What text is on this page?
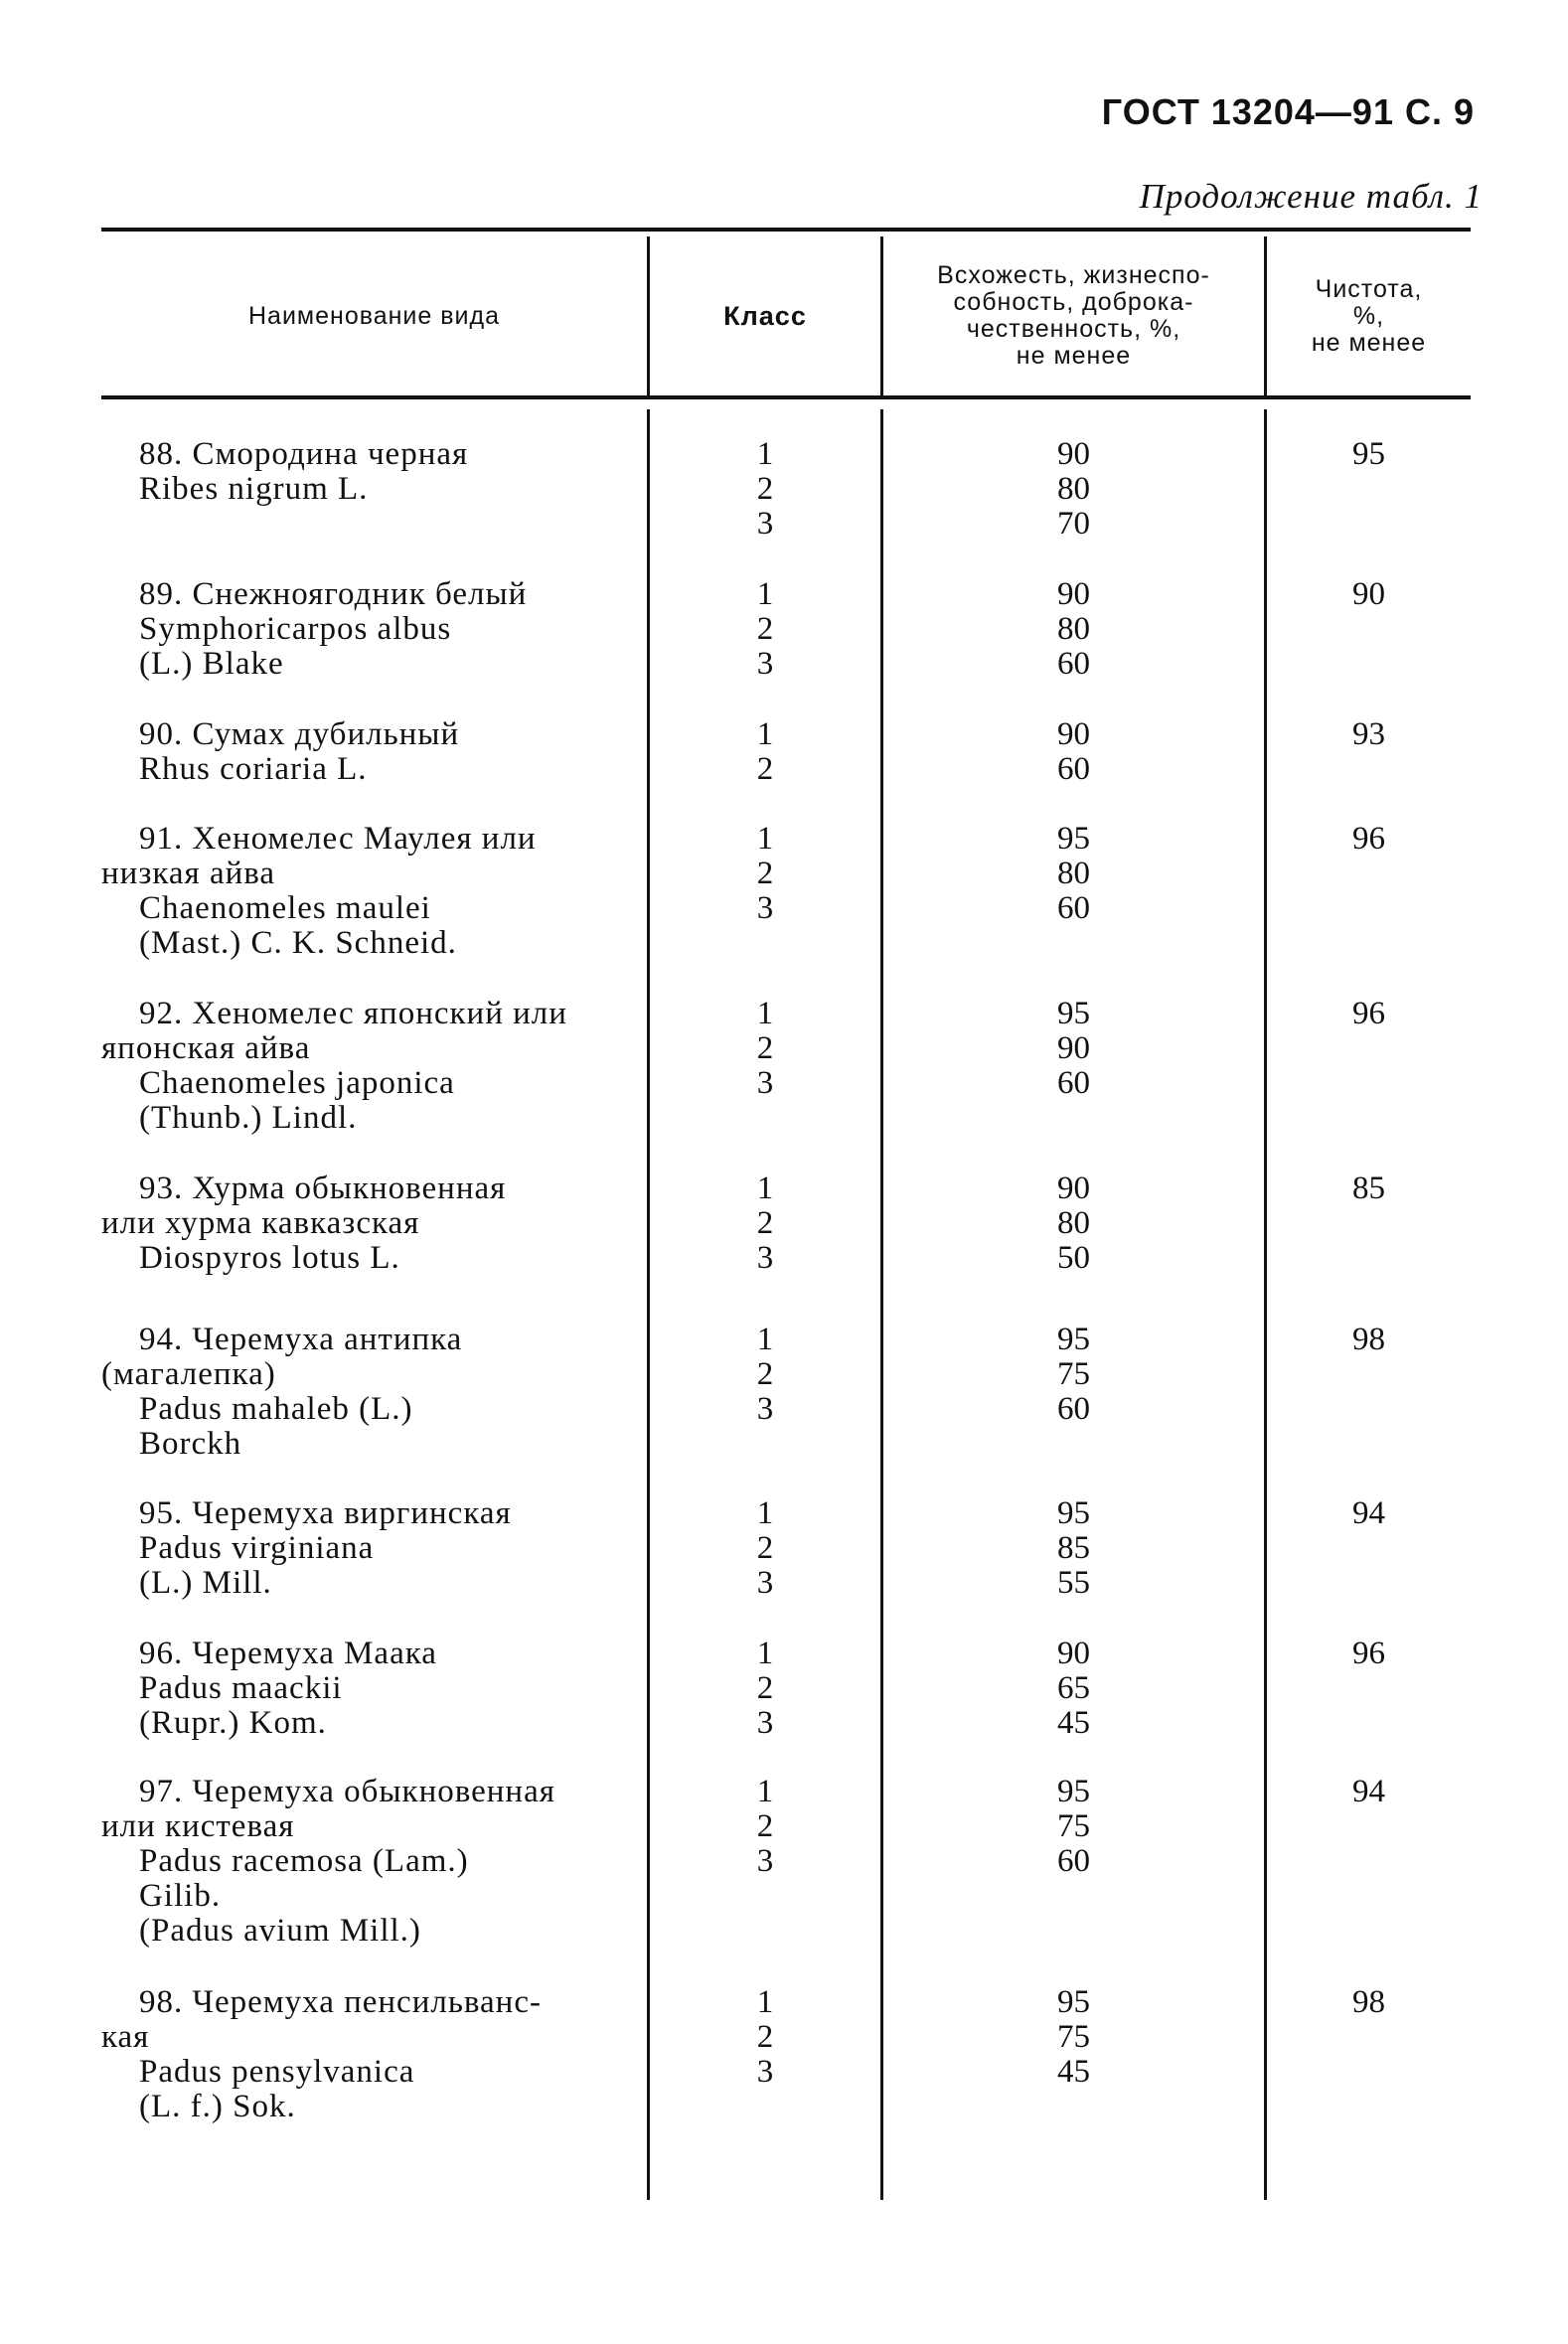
ГОСТ 13204—91 С. 9
Продолжение табл. 1
Наименование вида	Класс
Всхожесть, жизнеспо-
собность, доброка-
чественность, %,
не менее
Чистота,
%,
не менее
88. Смородина черная
Ribes nigrum L.
1
2
3
90
80
70
95
89. Снежноягодник белый
Symphoricarpos albus
(L.) Blake
1
2
3
90
80
60
90
90. Сумах дубильный
Rhus coriaria L.
1
2
90
60
93
91. Хеномелес Маулея или
низкая айва
Chaenomeles maulei
(Mast.) C. K. Schneid.
1
2
3
95
80
60
96
92. Хеномелес японский или
японская айва
Chaenomeles japonica
(Thunb.) Lindl.
1
2
3
95
90
60
96
93. Хурма обыкновенная
или хурма кавказская
Diospyros lotus L.
1
2
3
90
80
50
85
94. Черемуха антипка
(магалепка)
Padus mahaleb (L.)
Borckh
1
2
3
95
75
60
98
95. Черемуха виргинская
Padus virginiana
(L.) Mill.
1
2
3
95
85
55
94
96. Черемуха Маака
Padus maackii
(Rupr.) Kom.
1
2
3
90
65
45
96
97. Черемуха обыкновенная
или кистевая
Padus racemosa (Lam.)
Gilib.
(Padus avium Mill.)
1
2
3
95
75
60
94
98. Черемуха пенсильванс-
кая
Padus pensylvanica
(L. f.) Sok.
1
2
3
95
75
45
98
